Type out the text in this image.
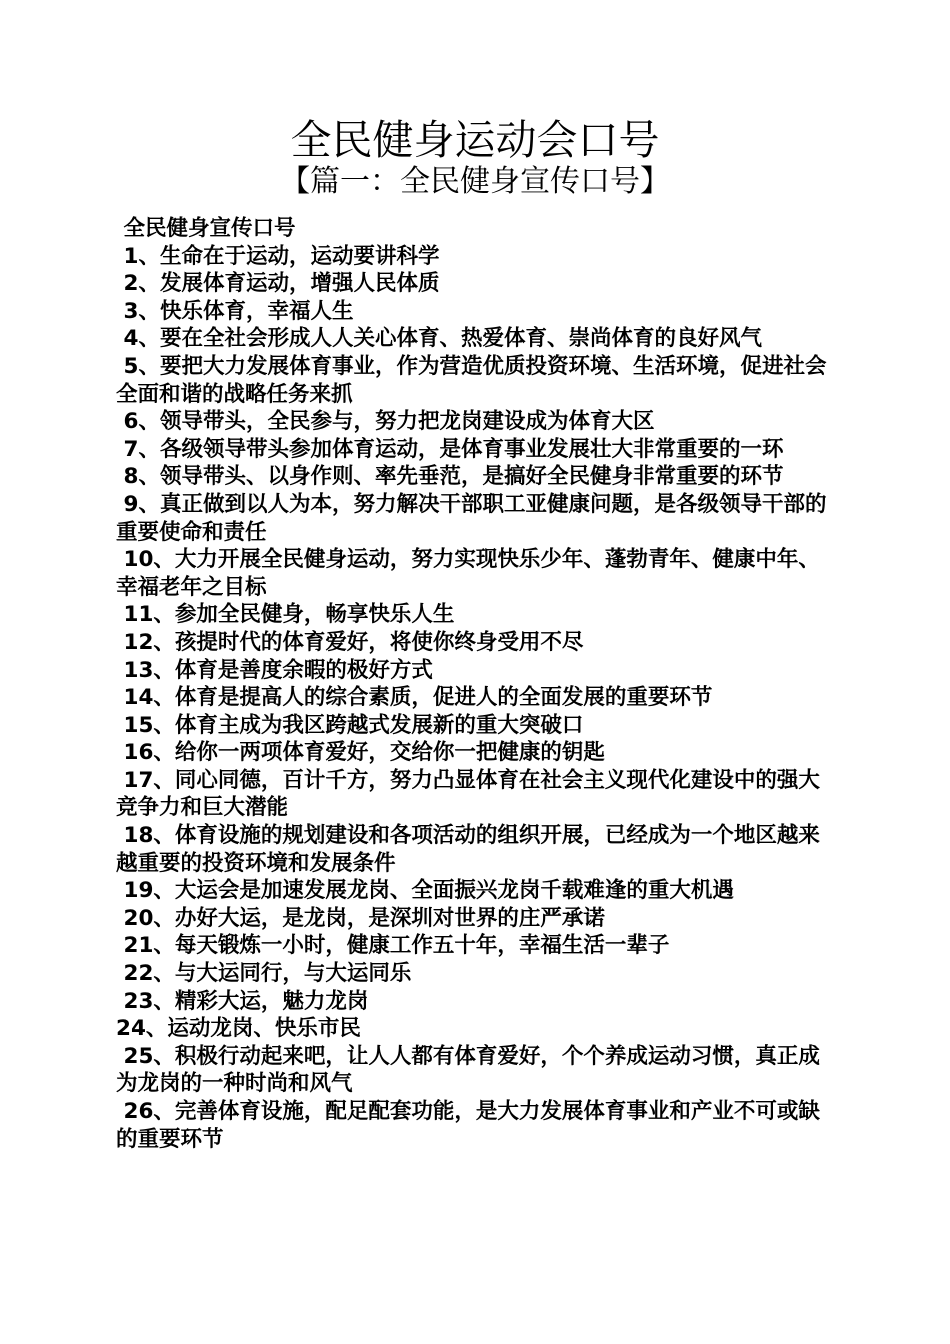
全民健身运动会口号
【篇一：全民健身宣传口号】
全民健身宣传口号
1、生命在于运动，运动要讲科学
2、发展体育运动，增强人民体质
3、快乐体育，幸福人生
4、要在全社会形成人人关心体育、热爱体育、崇尚体育的良好风气
5、要把大力发展体育事业，作为营造优质投资环境、生活环境，促进社会全面和谐的战略任务来抓
6、领导带头，全民参与，努力把龙岗建设成为体育大区
7、各级领导带头参加体育运动，是体育事业发展壮大非常重要的一环
8、领导带头、以身作则、率先垂范，是搞好全民健身非常重要的环节
9、真正做到以人为本，努力解决干部职工亚健康问题，是各级领导干部的重要使命和责任
10、大力开展全民健身运动，努力实现快乐少年、蓬勃青年、健康中年、幸福老年之目标
11、参加全民健身，畅享快乐人生
12、孩提时代的体育爱好，将使你终身受用不尽
13、体育是善度余暇的极好方式
14、体育是提高人的综合素质，促进人的全面发展的重要环节
15、体育主成为我区跨越式发展新的重大突破口
16、给你一两项体育爱好，交给你一把健康的钥匙
17、同心同德，百计千方，努力凸显体育在社会主义现代化建设中的强大竞争力和巨大潜能
18、体育设施的规划建设和各项活动的组织开展，已经成为一个地区越来越重要的投资环境和发展条件
19、大运会是加速发展龙岗、全面振兴龙岗千载难逢的重大机遇
20、办好大运，是龙岗，是深圳对世界的庄严承诺
21、每天锻炼一小时，健康工作五十年，幸福生活一辈子
22、与大运同行，与大运同乐
23、精彩大运，魅力龙岗
24、运动龙岗、快乐市民
25、积极行动起来吧，让人人都有体育爱好，个个养成运动习惯，真正成为龙岗的一种时尚和风气
26、完善体育设施，配足配套功能，是大力发展体育事业和产业不可或缺的重要环节
